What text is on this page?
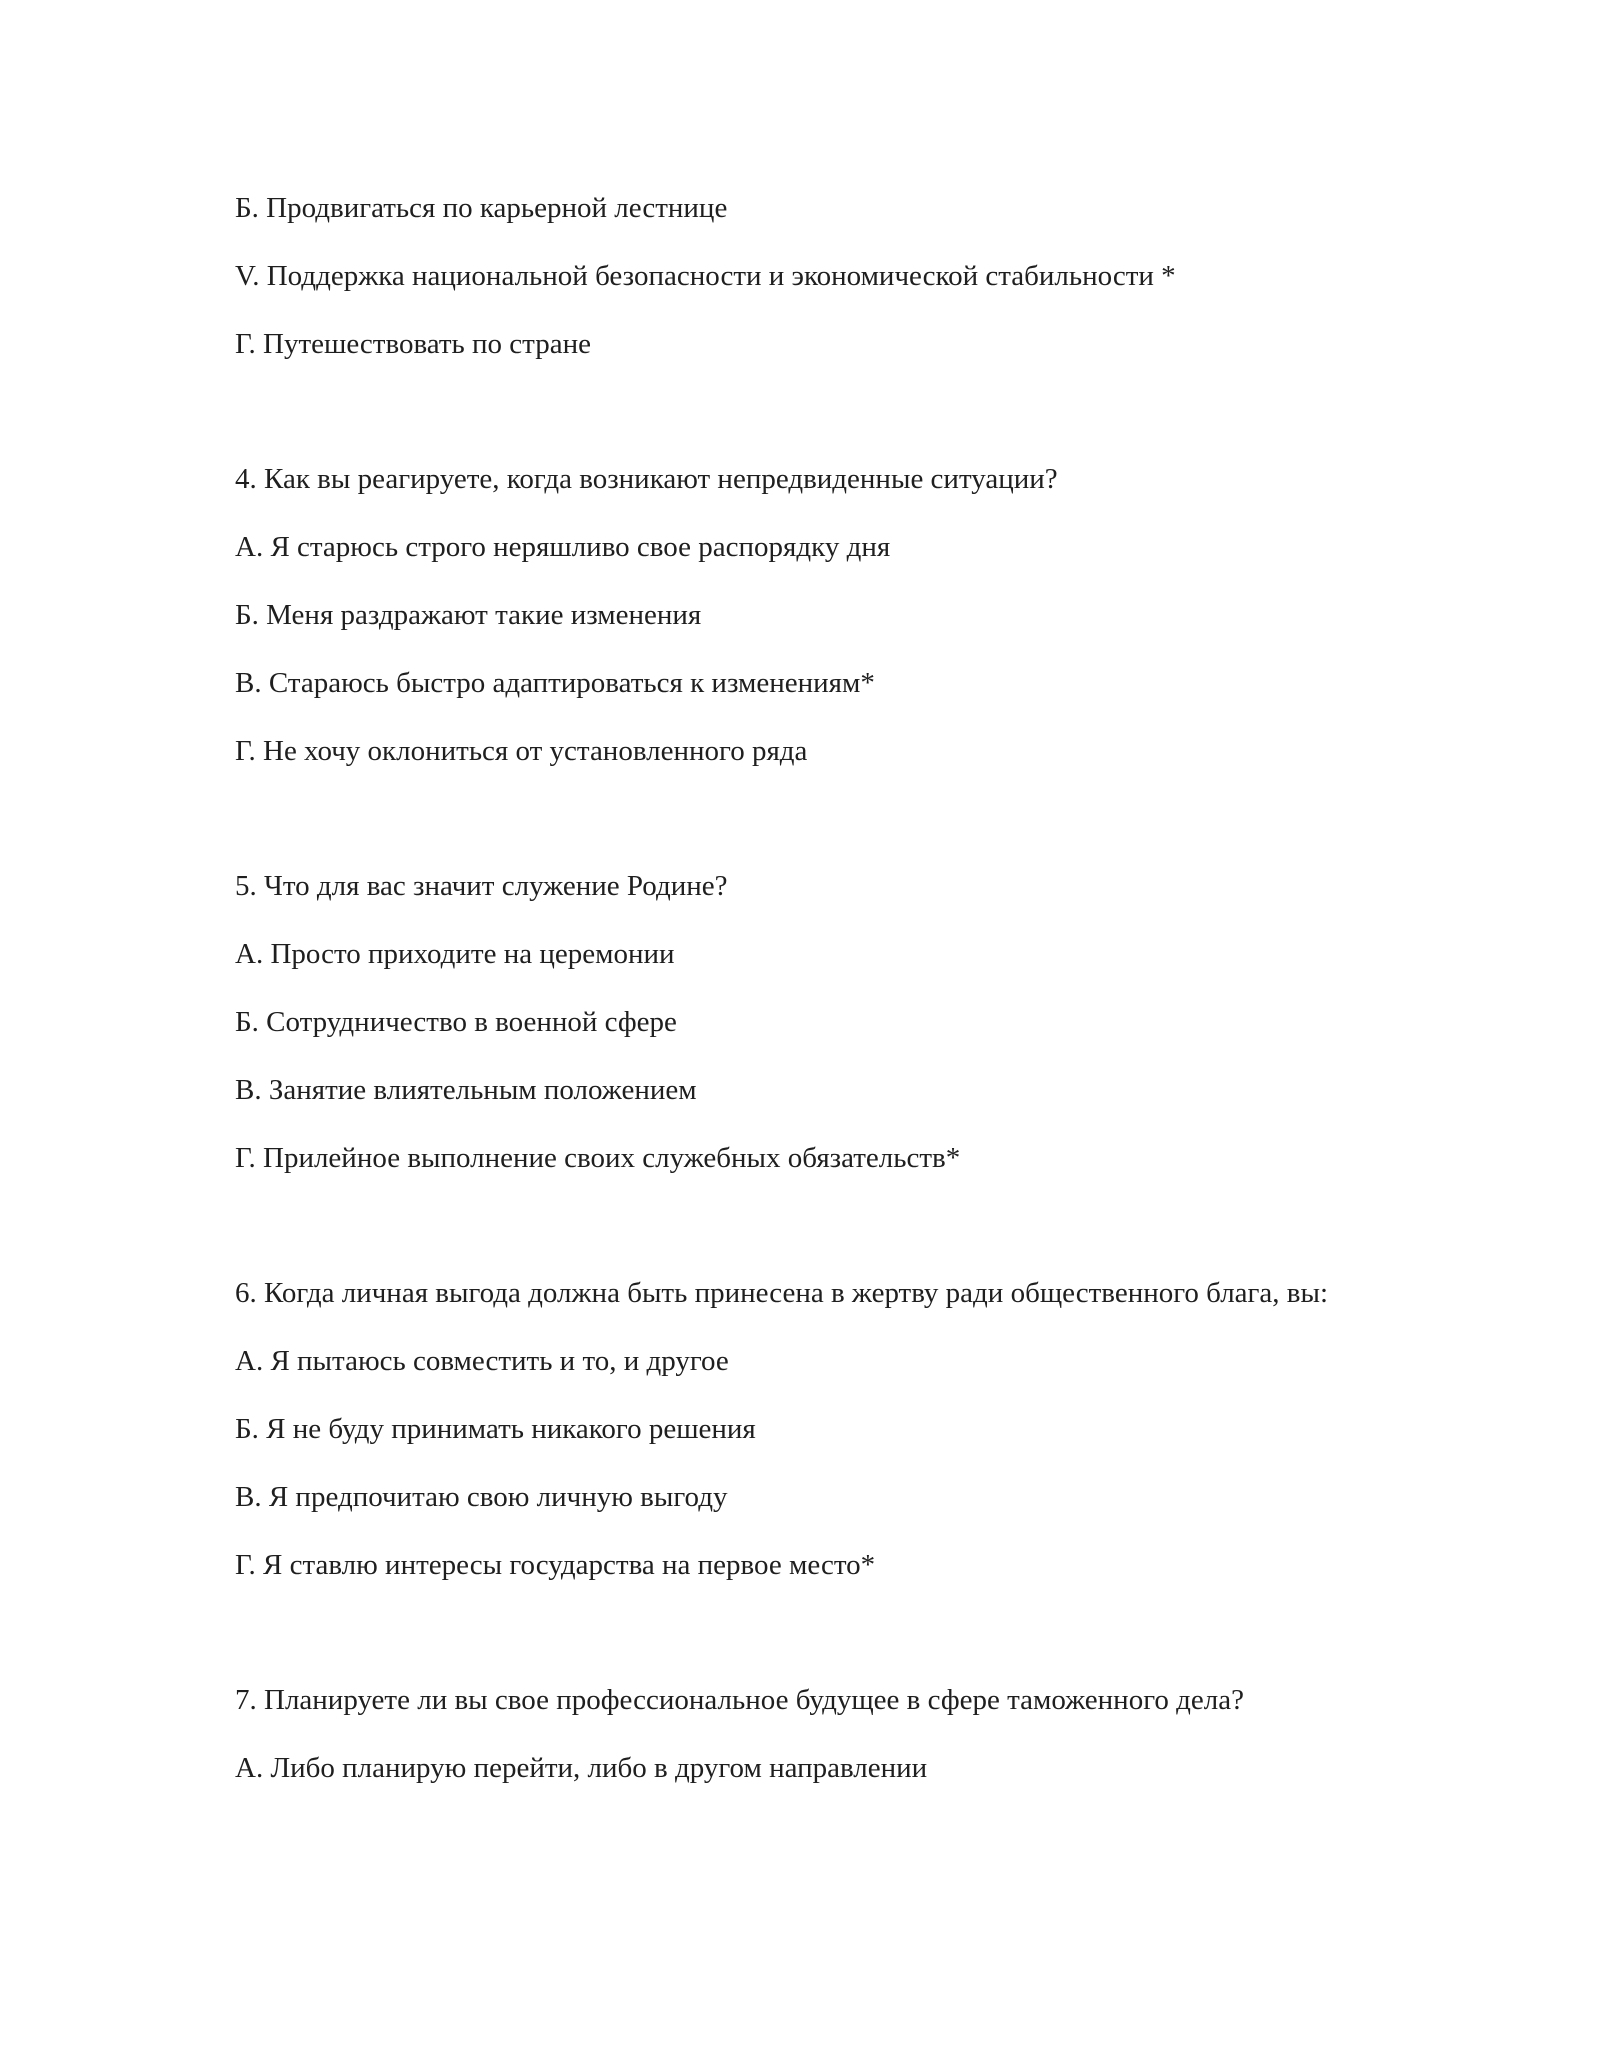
Б. Продвигаться по карьерной лестнице

V. Поддержка национальной безопасности и экономической стабильности *

Г. Путешествовать по стране

4. Как вы реагируете, когда возникают непредвиденные ситуации?

А. Я старюсь строго неряшливо свое распорядку дня

Б. Меня раздражают такие изменения

В. Стараюсь быстро адаптироваться к изменениям*

Г. Не хочу оклониться от установленного ряда

5. Что для вас значит служение Родине?

А. Просто приходите на церемонии

Б. Сотрудничество в военной сфере

В. Занятие влиятельным положением

Г. Прилейное выполнение своих служебных обязательств*

6. Когда личная выгода должна быть принесена в жертву ради общественного блага, вы:

А. Я пытаюсь совместить и то, и другое

Б. Я не буду принимать никакого решения

В. Я предпочитаю свою личную выгоду

Г. Я ставлю интересы государства на первое место*

7. Планируете ли вы свое профессиональное будущее в сфере таможенного дела?

А. Либо планирую перейти, либо в другом направлении
